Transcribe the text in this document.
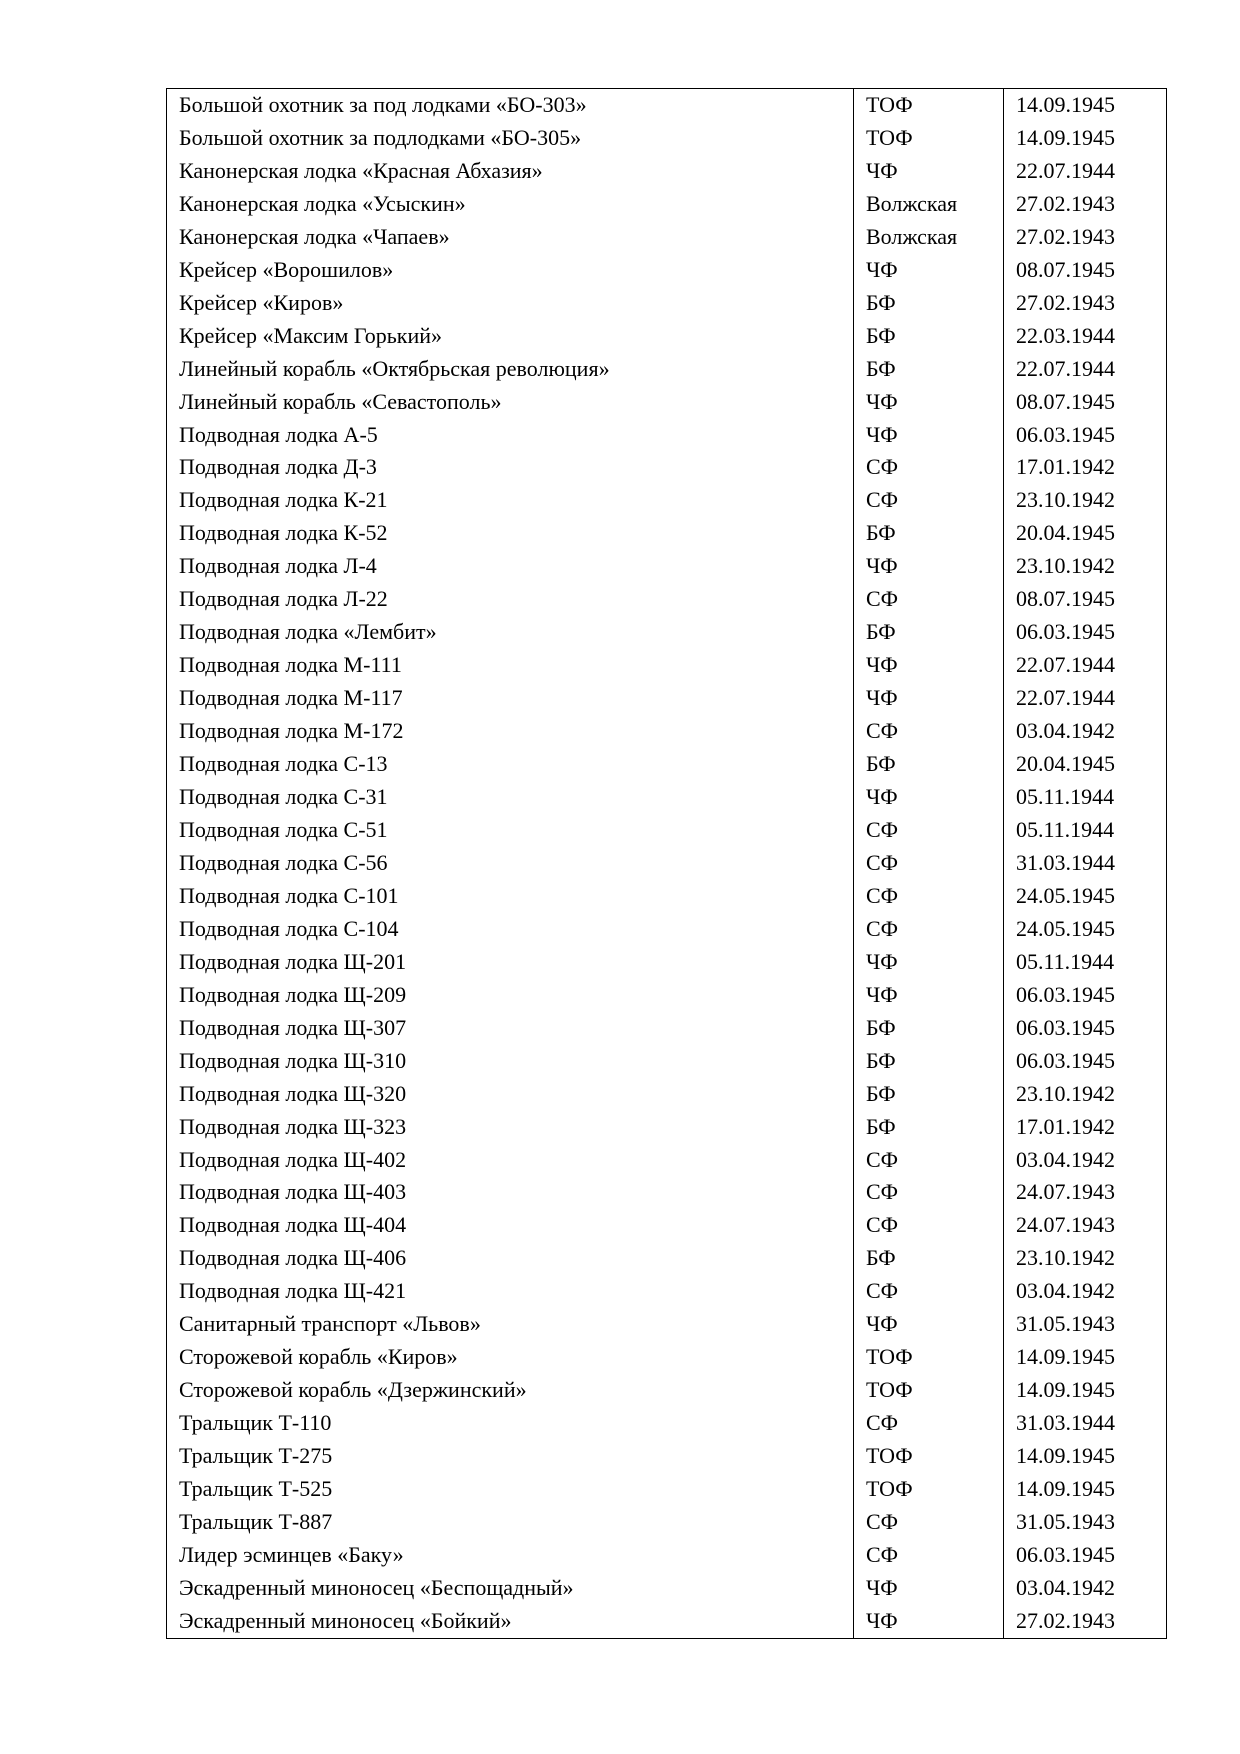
Большой охотник за под лодками «БО-303»	ТОФ	14.09.1945
Большой охотник за подлодками «БО-305»	ТОФ	14.09.1945
Канонерская лодка «Красная Абхазия»	ЧФ	22.07.1944
Канонерская лодка «Усыскин»	Волжская	27.02.1943
Канонерская лодка «Чапаев»	Волжская	27.02.1943
Крейсер «Ворошилов»	ЧФ	08.07.1945
Крейсер «Киров»	БФ	27.02.1943
Крейсер «Максим Горький»	БФ	22.03.1944
Линейный корабль «Октябрьская революция»	БФ	22.07.1944
Линейный корабль «Севастополь»	ЧФ	08.07.1945
Подводная лодка А-5	ЧФ	06.03.1945
Подводная лодка Д-3	СФ	17.01.1942
Подводная лодка К-21	СФ	23.10.1942
Подводная лодка К-52	БФ	20.04.1945
Подводная лодка Л-4	ЧФ	23.10.1942
Подводная лодка Л-22	СФ	08.07.1945
Подводная лодка «Лембит»	БФ	06.03.1945
Подводная лодка М-111	ЧФ	22.07.1944
Подводная лодка М-117	ЧФ	22.07.1944
Подводная лодка М-172	СФ	03.04.1942
Подводная лодка С-13	БФ	20.04.1945
Подводная лодка С-31	ЧФ	05.11.1944
Подводная лодка С-51	СФ	05.11.1944
Подводная лодка С-56	СФ	31.03.1944
Подводная лодка С-101	СФ	24.05.1945
Подводная лодка С-104	СФ	24.05.1945
Подводная лодка Щ-201	ЧФ	05.11.1944
Подводная лодка Щ-209	ЧФ	06.03.1945
Подводная лодка Щ-307	БФ	06.03.1945
Подводная лодка Щ-310	БФ	06.03.1945
Подводная лодка Щ-320	БФ	23.10.1942
Подводная лодка Щ-323	БФ	17.01.1942
Подводная лодка Щ-402	СФ	03.04.1942
Подводная лодка Щ-403	СФ	24.07.1943
Подводная лодка Щ-404	СФ	24.07.1943
Подводная лодка Щ-406	БФ	23.10.1942
Подводная лодка Щ-421	СФ	03.04.1942
Санитарный транспорт «Львов»	ЧФ	31.05.1943
Сторожевой корабль «Киров»	ТОФ	14.09.1945
Сторожевой корабль «Дзержинский»	ТОФ	14.09.1945
Тральщик Т-110	СФ	31.03.1944
Тральщик Т-275	ТОФ	14.09.1945
Тральщик Т-525	ТОФ	14.09.1945
Тральщик Т-887	СФ	31.05.1943
Лидер эсминцев «Баку»	СФ	06.03.1945
Эскадренный миноносец «Беспощадный»	ЧФ	03.04.1942
Эскадренный миноносец «Бойкий»	ЧФ	27.02.1943
